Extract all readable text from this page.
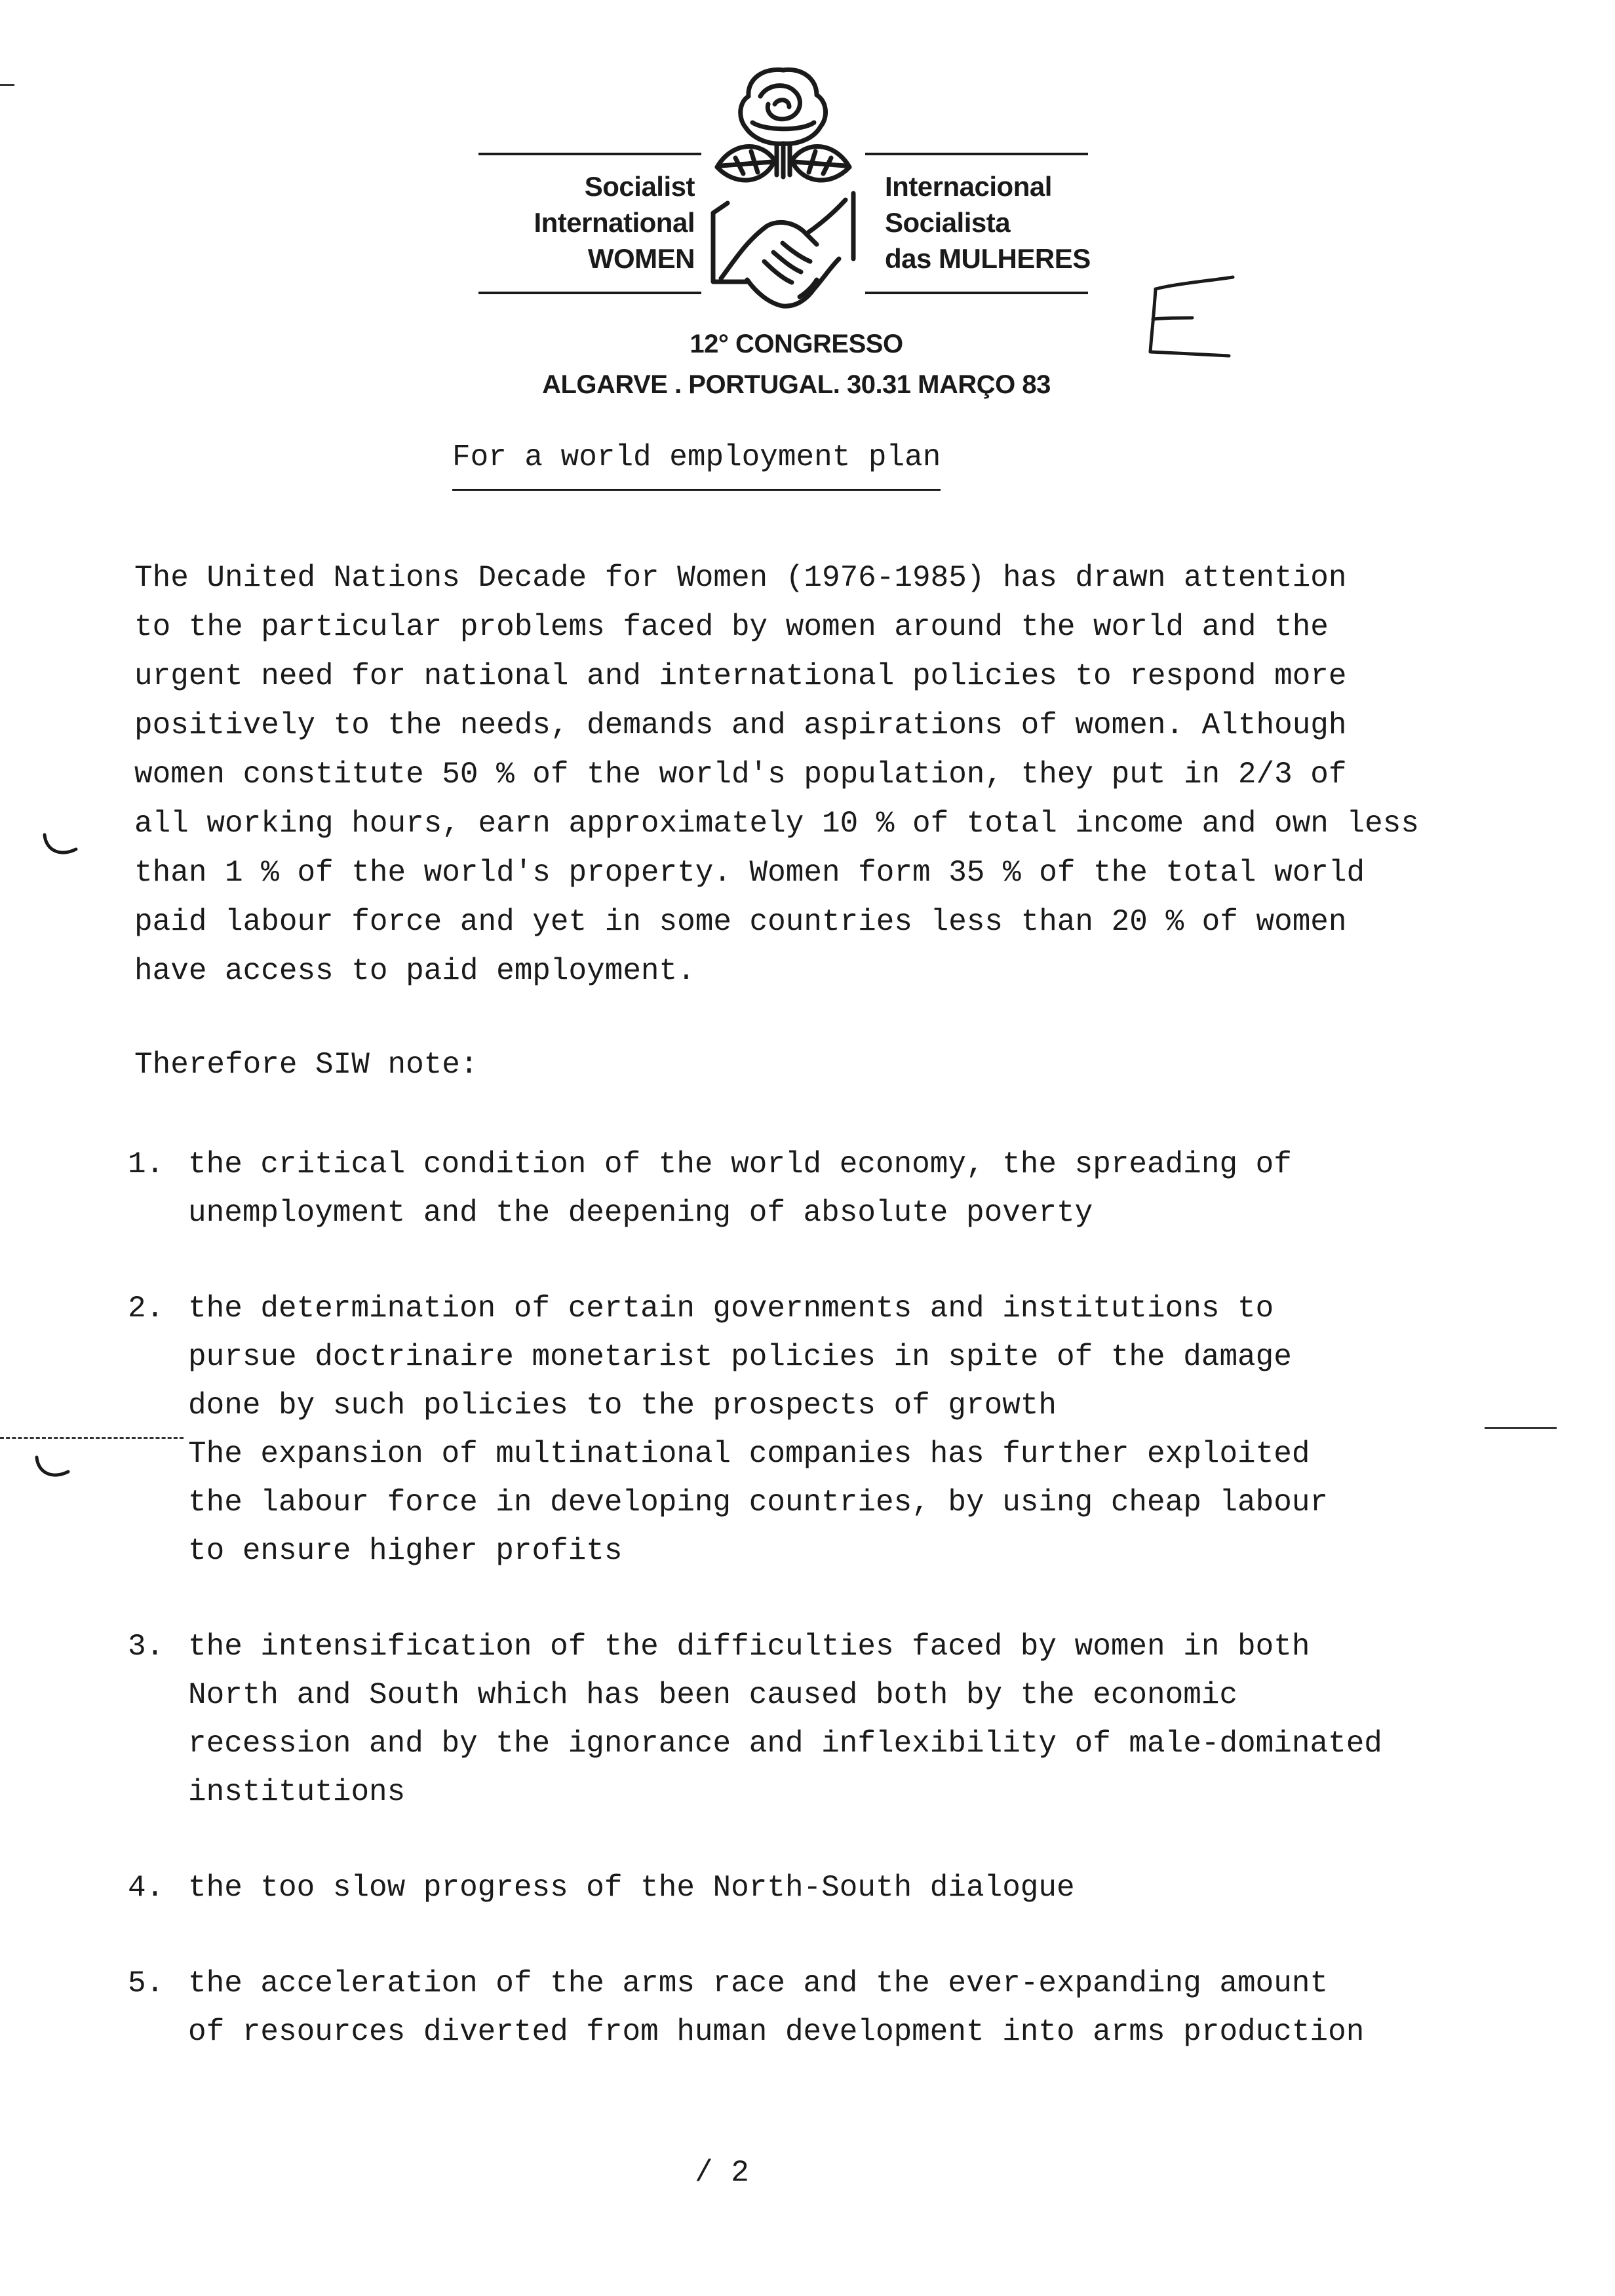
Socialist
International
WOMEN
Internacional
Socialista
das MULHERES
12° CONGRESSO
ALGARVE . PORTUGAL. 30.31 MARÇO 83
For a world employment plan
The United Nations Decade for Women (1976-1985) has drawn attention
to the particular problems faced by women around the world and the
urgent need for national and international policies to respond more
positively to the needs, demands and aspirations of women. Although
women constitute 50 % of the world's population, they put in 2/3 of
all working hours, earn approximately 10 % of total income and own less
than 1 % of the world's property. Women form 35 % of the total world
paid labour force and yet in some countries less than 20 % of women
have access to paid employment.
Therefore SIW note:
1. the critical condition of the world economy, the spreading of
unemployment and the deepening of absolute poverty
2. the determination of certain governments and institutions to
pursue doctrinaire monetarist policies in spite of the damage
done by such policies to the prospects of growth
The expansion of multinational companies has further exploited
the labour force in developing countries, by using cheap labour
to ensure higher profits
3. the intensification of the difficulties faced by women in both
North and South which has been caused both by the economic
recession and by the ignorance and inflexibility of male-dominated
institutions
4. the too slow progress of the North-South dialogue
5. the acceleration of the arms race and the ever-expanding amount
of resources diverted from human development into arms production
/ 2
